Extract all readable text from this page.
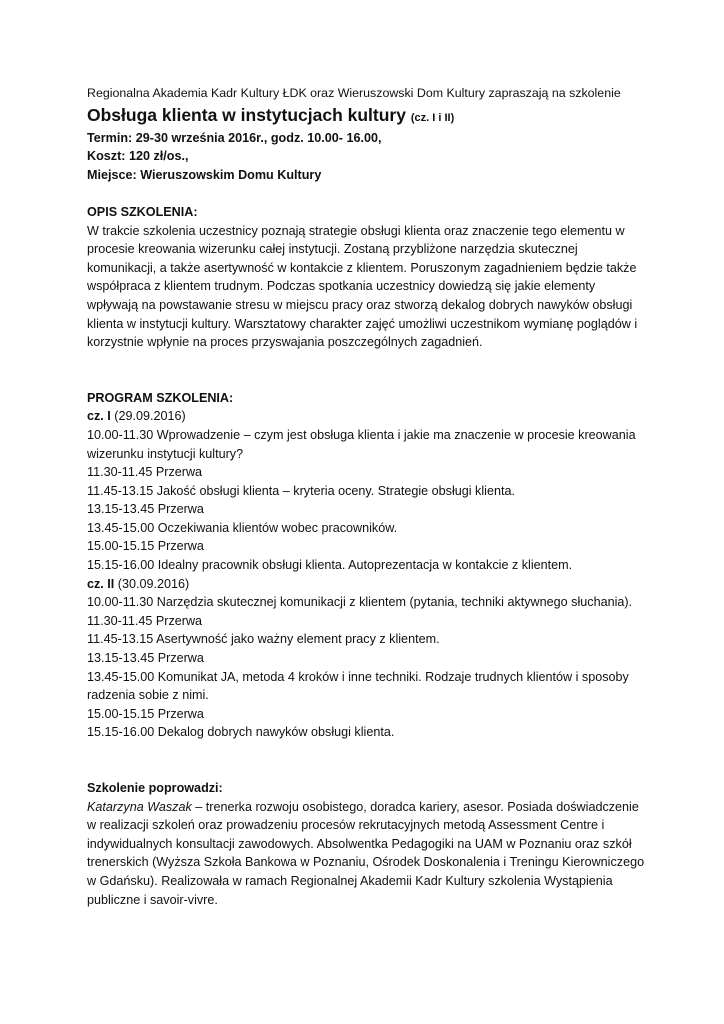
Regionalna Akademia Kadr Kultury ŁDK oraz Wieruszowski Dom Kultury zapraszają na szkolenie

Obsługa klienta w instytucjach kultury (cz. I i II)

Termin: 29-30 września 2016r., godz. 10.00- 16.00,

Koszt: 120 zł/os.,

Miejsce: Wieruszowskim Domu Kultury

OPIS SZKOLENIA:

W trakcie szkolenia uczestnicy poznają strategie obsługi klienta oraz znaczenie tego elementu w procesie kreowania wizerunku całej instytucji. Zostaną przybliżone narzędzia skutecznej komunikacji, a także asertywność w kontakcie z klientem. Poruszonym zagadnieniem będzie także współpraca z klientem trudnym. Podczas spotkania uczestnicy dowiedzą się jakie elementy wpływają na powstawanie stresu w miejscu pracy oraz stworzą dekalog dobrych nawyków obsługi klienta w instytucji kultury. Warsztatowy charakter zajęć umożliwi uczestnikom wymianę poglądów i korzystnie wpłynie na proces przyswajania poszczególnych zagadnień.

PROGRAM SZKOLENIA:

cz. I (29.09.2016)

10.00-11.30 Wprowadzenie – czym jest obsługa klienta i jakie ma znaczenie w procesie kreowania wizerunku instytucji kultury?

11.30-11.45 Przerwa

11.45-13.15 Jakość obsługi klienta – kryteria oceny. Strategie obsługi klienta.

13.15-13.45 Przerwa

13.45-15.00 Oczekiwania klientów wobec pracowników.

15.00-15.15 Przerwa

15.15-16.00 Idealny pracownik obsługi klienta. Autoprezentacja w kontakcie z klientem.

cz. II (30.09.2016)

10.00-11.30 Narzędzia skutecznej komunikacji z klientem (pytania, techniki aktywnego słuchania).

11.30-11.45 Przerwa

11.45-13.15 Asertywność jako ważny element pracy z klientem.

13.15-13.45 Przerwa

13.45-15.00 Komunikat JA, metoda 4 kroków i inne techniki. Rodzaje trudnych klientów i sposoby radzenia sobie z nimi.

15.00-15.15 Przerwa

15.15-16.00 Dekalog dobrych nawyków obsługi klienta.

Szkolenie poprowadzi:

Katarzyna Waszak – trenerka rozwoju osobistego, doradca kariery, asesor. Posiada doświadczenie w realizacji szkoleń oraz prowadzeniu procesów rekrutacyjnych metodą Assessment Centre i indywidualnych konsultacji zawodowych. Absolwentka Pedagogiki na UAM w Poznaniu oraz szkół trenerskich (Wyższa Szkoła Bankowa w Poznaniu, Ośrodek Doskonalenia i Treningu Kierowniczego w Gdańsku). Realizowała w ramach Regionalnej Akademii Kadr Kultury szkolenia Wystąpienia publiczne i savoir-vivre.
